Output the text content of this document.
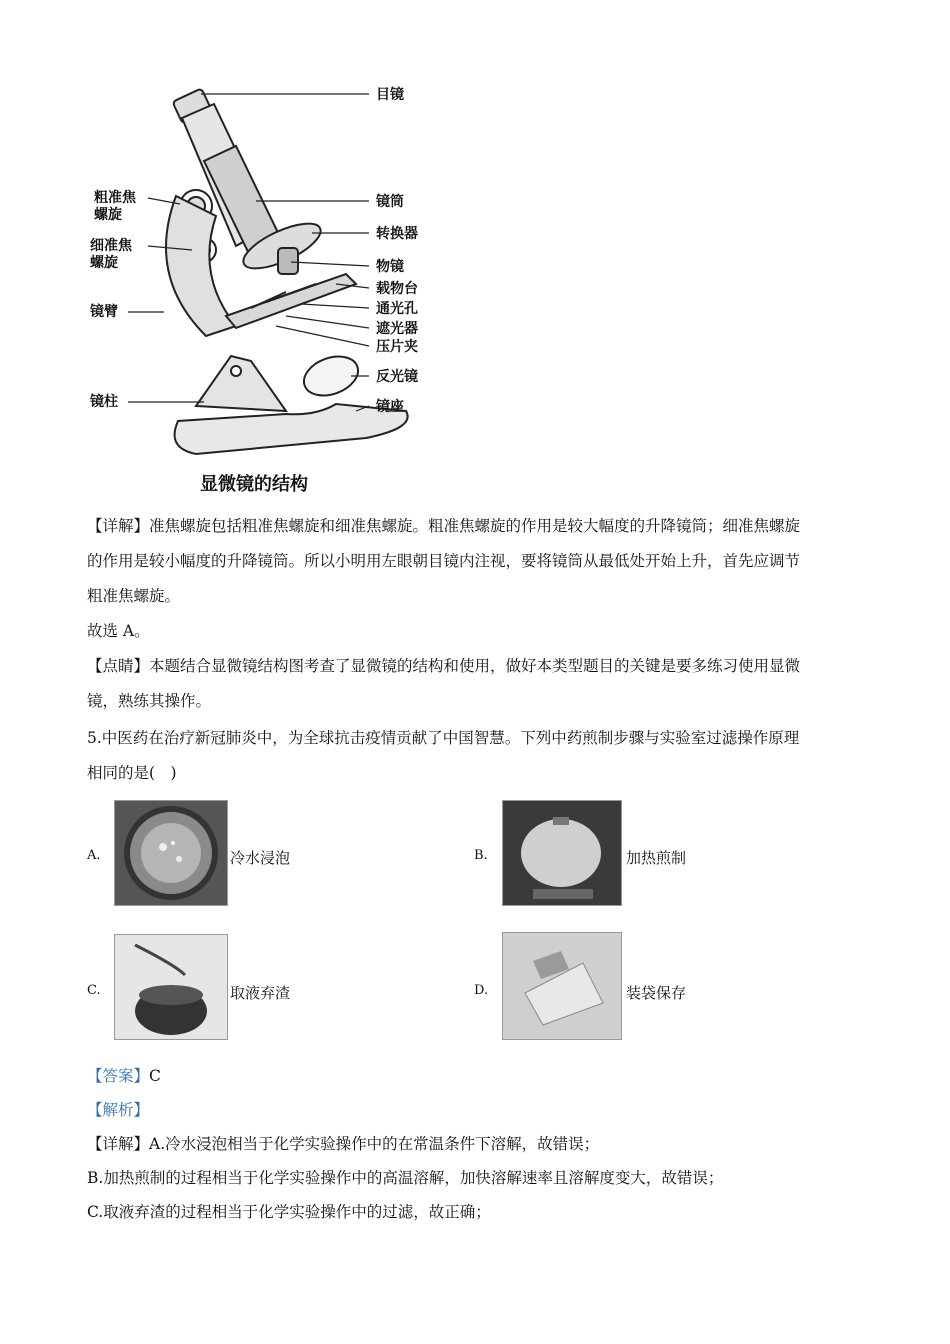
目镜
镜筒
转换器
物镜
载物台
通光孔
遮光器
压片夹
反光镜
镜座
粗准焦
螺旋
细准焦
螺旋
镜臂
镜柱
显微镜的结构
【详解】准焦螺旋包括粗准焦螺旋和细准焦螺旋。粗准焦螺旋的作用是较大幅度的升降镜筒；细准焦螺旋
的作用是较小幅度的升降镜筒。所以小明用左眼朝目镜内注视，要将镜筒从最低处开始上升，首先应调节
粗准焦螺旋。
故选 A。
【点睛】本题结合显微镜结构图考查了显微镜的结构和使用，做好本类型题目的关键是要多练习使用显微
镜，熟练其操作。
5.中医药在治疗新冠肺炎中，为全球抗击疫情贡献了中国智慧。下列中药煎制步骤与实验室过滤操作原理
相同的是(　)
A.	冷水浸泡	B.	加热煎制
C.	取液弃渣	D.	装袋保存
【答案】C
【解析】
【详解】A.冷水浸泡相当于化学实验操作中的在常温条件下溶解，故错误；
B.加热煎制的过程相当于化学实验操作中的高温溶解，加快溶解速率且溶解度变大，故错误；
C.取液弃渣的过程相当于化学实验操作中的过滤，故正确；
